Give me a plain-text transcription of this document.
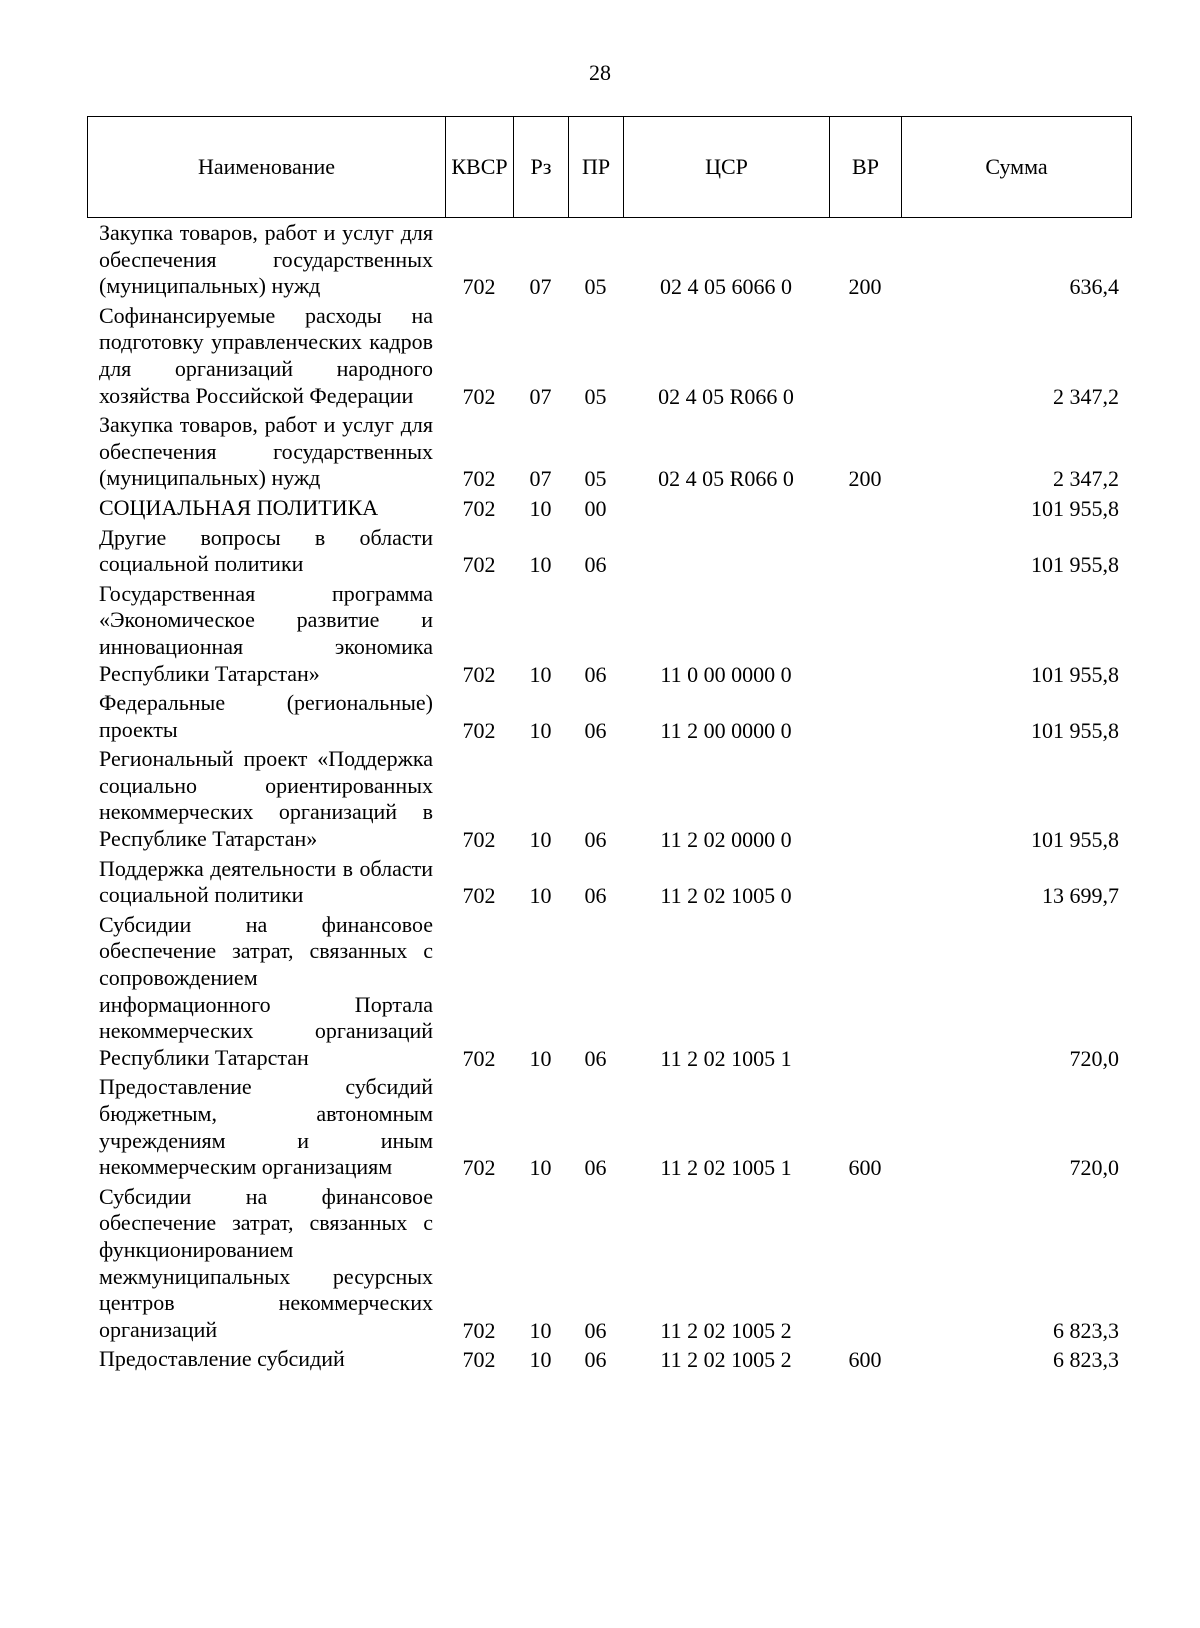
28
Наименование	КВСР	Рз	ПР	ЦСР	ВР	Сумма
Закупка товаров, работ и услуг для обеспечения государственных (муниципальных) нужд	702	07	05	02 4 05 6066 0	200	636,4
Софинансируемые расходы на подготовку управленческих кадров для организаций народного хозяйства Российской Федерации	702	07	05	02 4 05 R066 0		2 347,2
Закупка товаров, работ и услуг для обеспечения государственных (муниципальных) нужд	702	07	05	02 4 05 R066 0	200	2 347,2
СОЦИАЛЬНАЯ ПОЛИТИКА	702	10	00			101 955,8
Другие вопросы в области социальной политики	702	10	06			101 955,8
Государственная программа «Экономическое развитие и инновационная экономика Республики Татарстан»	702	10	06	11 0 00 0000 0		101 955,8
Федеральные (региональные) проекты	702	10	06	11 2 00 0000 0		101 955,8
Региональный проект «Поддержка социально ориентированных некоммерческих организаций в Республике Татарстан»	702	10	06	11 2 02 0000 0		101 955,8
Поддержка деятельности в области социальной политики	702	10	06	11 2 02 1005 0		13 699,7
Субсидии на финансовое обеспечение затрат, связанных с сопровождением информационного Портала некоммерческих организаций Республики Татарстан	702	10	06	11 2 02 1005 1		720,0
Предоставление субсидий бюджетным, автономным учреждениям и иным некоммерческим организациям	702	10	06	11 2 02 1005 1	600	720,0
Субсидии на финансовое обеспечение затрат, связанных с функционированием межмуниципальных ресурсных центров некоммерческих организаций	702	10	06	11 2 02 1005 2		6 823,3
Предоставление субсидий	702	10	06	11 2 02 1005 2	600	6 823,3
